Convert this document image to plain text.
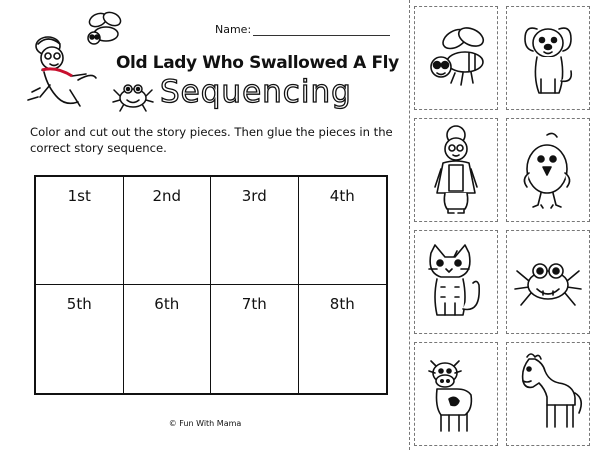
Name:
Old Lady Who Swallowed A Fly
Sequencing
Color and cut out the story pieces. Then glue the pieces in the correct story sequence.
1st	2nd	3rd	4th
5th	6th	7th	8th
© Fun With Mama
